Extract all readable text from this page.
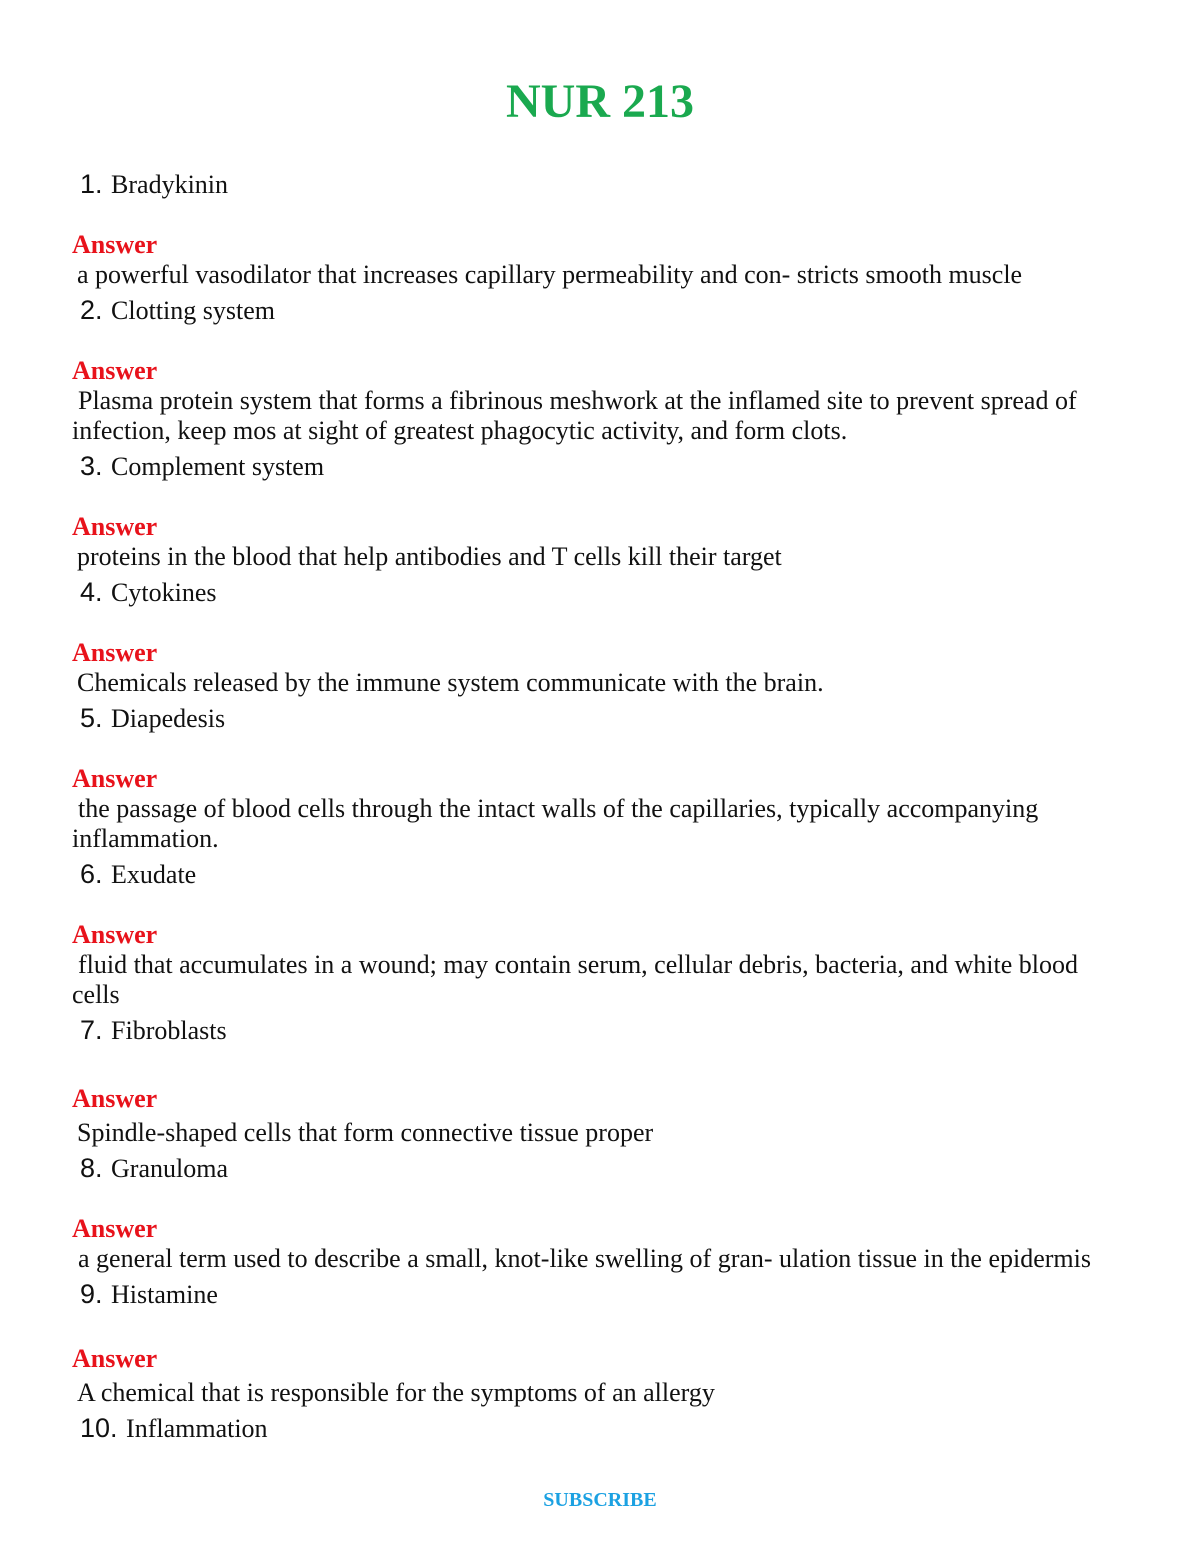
NUR 213
1. Bradykinin
Answer
a powerful vasodilator that increases capillary permeability and con- stricts smooth muscle
2. Clotting system
Answer
Plasma protein system that forms a fibrinous meshwork at the inflamed site to prevent spread of infection, keep mos at sight of greatest phagocytic activity, and form clots.
3. Complement system
Answer
proteins in the blood that help antibodies and T cells kill their target
4. Cytokines
Answer
Chemicals released by the immune system communicate with the brain.
5. Diapedesis
Answer
the passage of blood cells through the intact walls of the capillaries, typically accompanying inflammation.
6. Exudate
Answer
fluid that accumulates in a wound; may contain serum, cellular debris, bacteria, and white blood cells
7. Fibroblasts
Answer
Spindle-shaped cells that form connective tissue proper
8. Granuloma
Answer
a general term used to describe a small, knot-like swelling of gran- ulation tissue in the epidermis
9. Histamine
Answer
A chemical that is responsible for the symptoms of an allergy
10. Inflammation
SUBSCRIBE
